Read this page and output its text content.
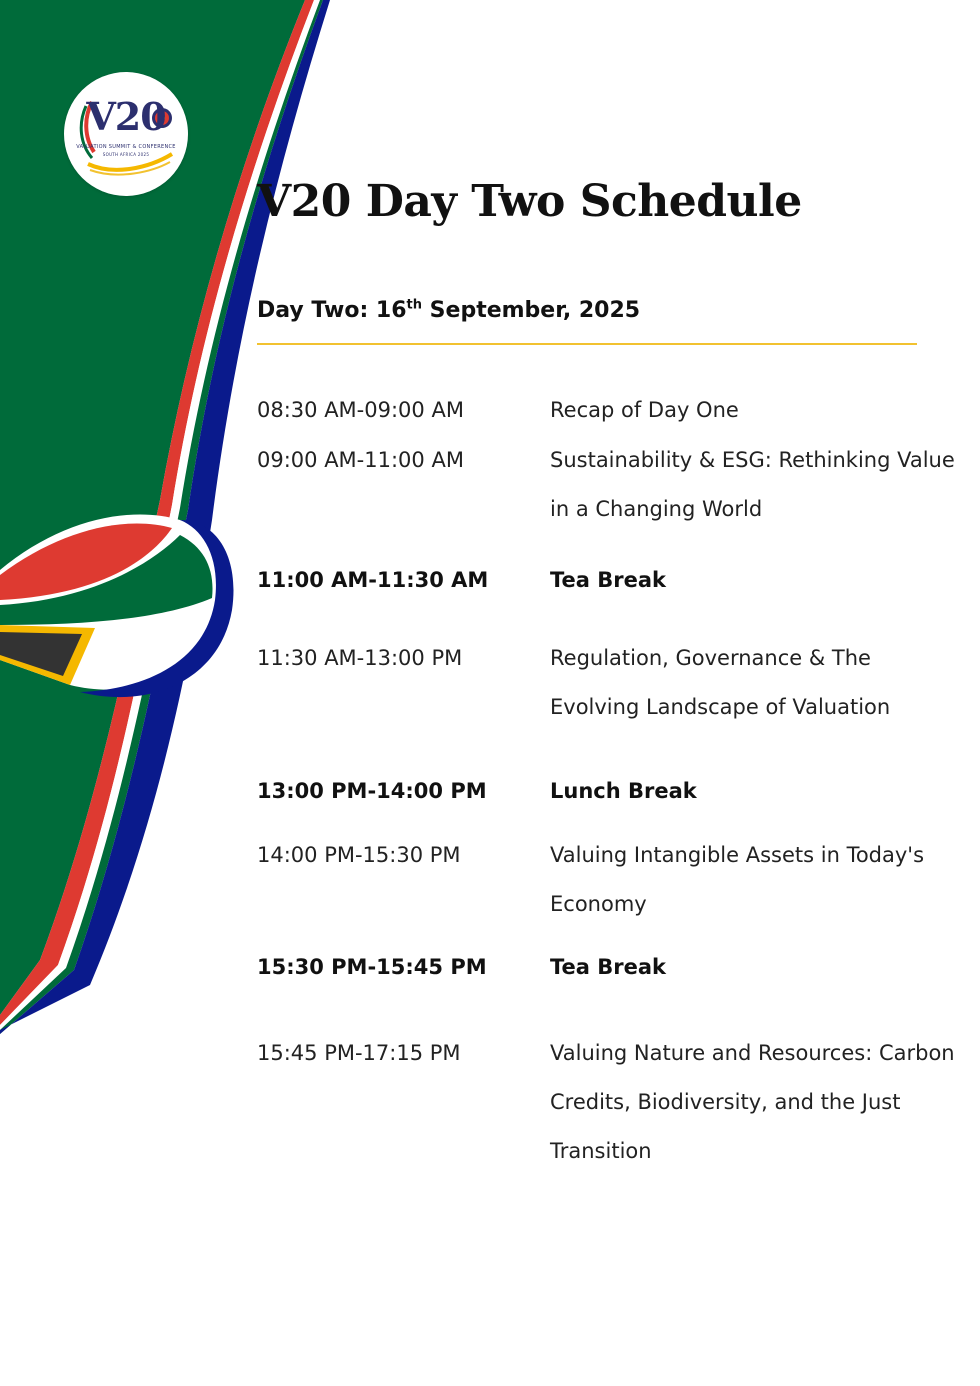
V20
VALUATION SUMMIT & CONFERENCE
SOUTH AFRICA 2025
V20 Day Two Schedule
Day Two: 16th September, 2025
08:30 AM-09:00 AM	Recap of Day One
09:00 AM-11:00 AM	Sustainability & ESG: Rethinking Value in a Changing World
11:00 AM-11:30 AM	Tea Break
11:30 AM-13:00 PM	Regulation, Governance & The Evolving Landscape of Valuation
13:00 PM-14:00 PM	Lunch Break
14:00 PM-15:30 PM	Valuing Intangible Assets in Today's Economy
15:30 PM-15:45 PM	Tea Break
15:45 PM-17:15 PM	Valuing Nature and Resources: Carbon Credits, Biodiversity, and the Just Transition
